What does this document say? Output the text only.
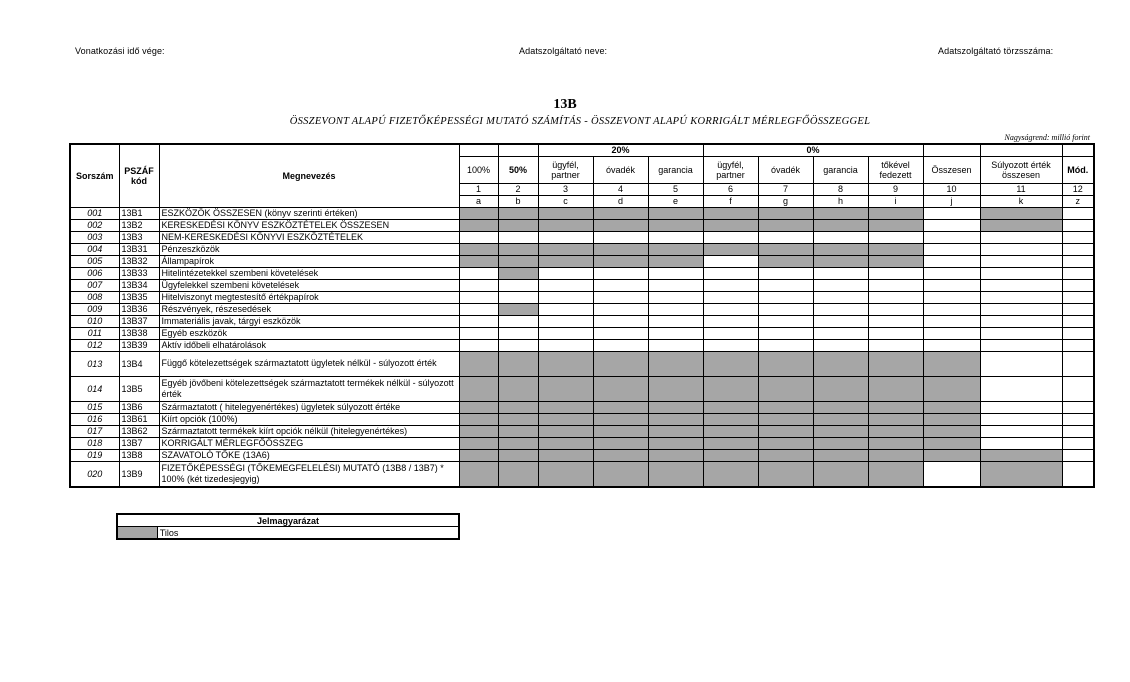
Vonatkozási idő vége:	Adatszolgáltató neve:	Adatszolgáltató törzsszáma:
13B
ÖSSZEVONT ALAPÚ FIZETŐKÉPESSÉGI MUTATÓ SZÁMÍTÁS - ÖSSZEVONT ALAPÚ KORRIGÁLT MÉRLEGFŐÖSSZEGGEL
Nagyságrend: millió forint
Sorszám	PSZÁF kód	Megnevezés			20%			0%						
			100%	50%	ügyfél, partner	óvadék	garancia	ügyfél, partner	óvadék	garancia	tőkével fedezett	Összesen	Súlyozott érték összesen	Mód.
			1	2	3	4	5	6	7	8	9	10	11	12
			a	b	c	d	e	f	g	h	i	j	k	z
001	13B1	ESZKÖZÖK ÖSSZESEN (könyv szerinti értéken)												
002	13B2	KERESKEDÉSI KÖNYV ESZKÖZTÉTELEK ÖSSZESEN												
003	13B3	NEM-KERESKEDÉSI KÖNYVI ESZKÖZTÉTELEK												
004	13B31	Pénzeszközök												
005	13B32	Állampapírok												
006	13B33	Hitelintézetekkel szembeni követelések												
007	13B34	Ügyfelekkel szembeni követelések												
008	13B35	Hitelviszonyt megtestesítő értékpapírok												
009	13B36	Részvények, részesedések												
010	13B37	Immateriális javak, tárgyi eszközök												
011	13B38	Egyéb eszközök												
012	13B39	Aktív időbeli elhatárolások												
013	13B4	Függő kötelezettségek származtatott ügyletek nélkül - súlyozott érték												
014	13B5	Egyéb jövőbeni kötelezettségek származtatott termékek nélkül - súlyozott érték												
015	13B6	Származtatott ( hitelegyenértékes) ügyletek súlyozott értéke												
016	13B61	Kiírt opciók (100%)												
017	13B62	Származtatott termékek kiírt opciók nélkül (hitelegyenértékes)												
018	13B7	KORRIGÁLT MÉRLEGFŐÖSSZEG												
019	13B8	SZAVATOLÓ TŐKE (13A6)												
020	13B9	FIZETŐKÉPESSÉGI (TŐKEMEGFELELÉSI) MUTATÓ (13B8 / 13B7) * 100% (két tizedesjegyig)												
Jelmagyarázat
	Tilos
